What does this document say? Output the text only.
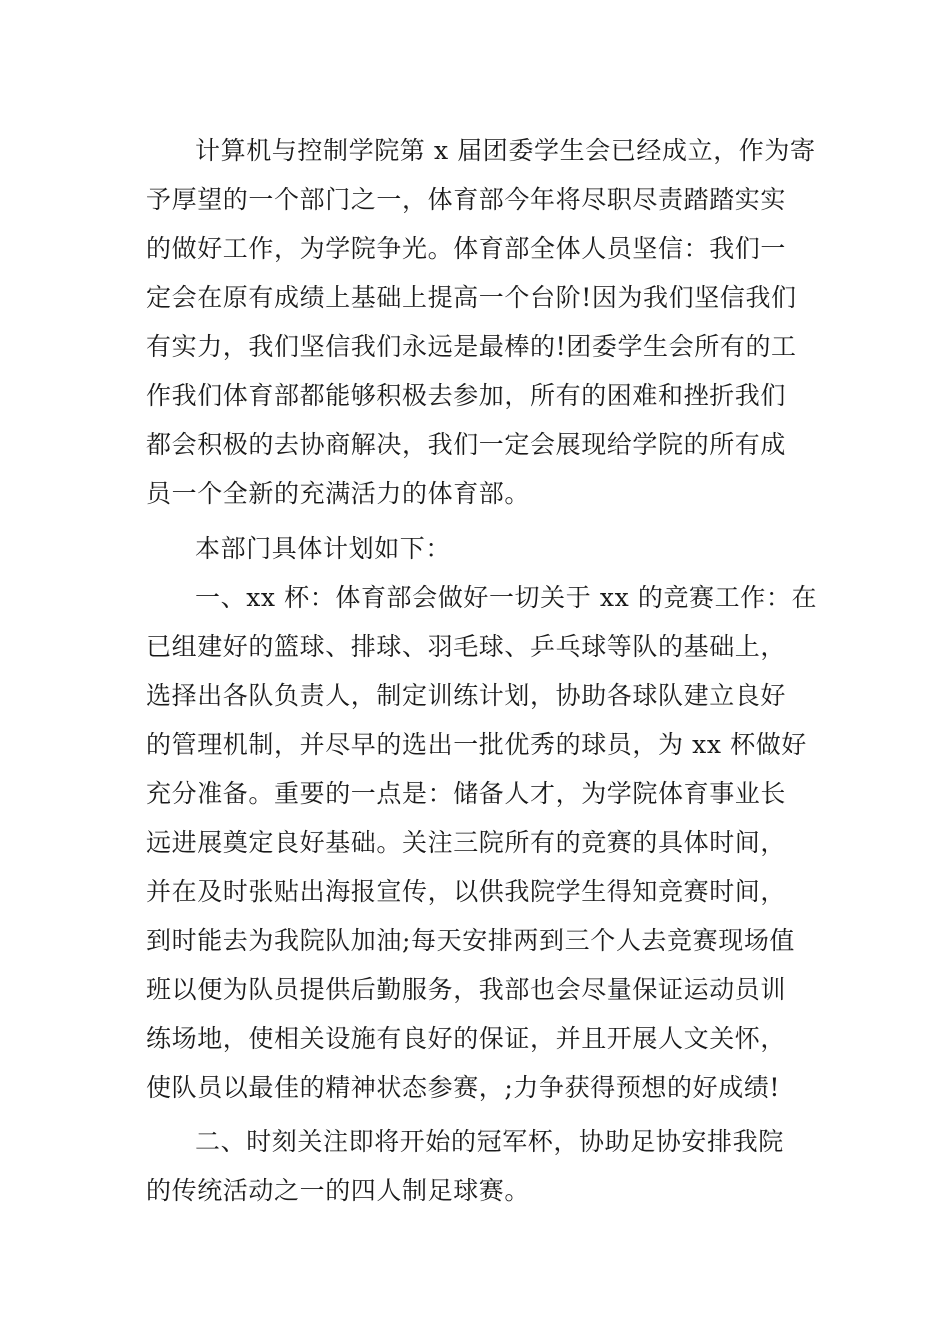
计算机与控制学院第 x 届团委学生会已经成立，作为寄
予厚望的一个部门之一，体育部今年将尽职尽责踏踏实实
的做好工作，为学院争光。体育部全体人员坚信：我们一
定会在原有成绩上基础上提高一个台阶!因为我们坚信我们
有实力，我们坚信我们永远是最棒的!团委学生会所有的工
作我们体育部都能够积极去参加，所有的困难和挫折我们
都会积极的去协商解决，我们一定会展现给学院的所有成
员一个全新的充满活力的体育部。
本部门具体计划如下：
一、xx 杯：体育部会做好一切关于 xx 的竞赛工作：在
已组建好的篮球、排球、羽毛球、乒乓球等队的基础上，
选择出各队负责人，制定训练计划，协助各球队建立良好
的管理机制，并尽早的选出一批优秀的球员，为 xx 杯做好
充分准备。重要的一点是：储备人才，为学院体育事业长
远进展奠定良好基础。关注三院所有的竞赛的具体时间，
并在及时张贴出海报宣传，以供我院学生得知竞赛时间，
到时能去为我院队加油;每天安排两到三个人去竞赛现场值
班以便为队员提供后勤服务，我部也会尽量保证运动员训
练场地，使相关设施有良好的保证，并且开展人文关怀，
使队员以最佳的精神状态参赛，;力争获得预想的好成绩!
二、时刻关注即将开始的冠军杯，协助足协安排我院
的传统活动之一的四人制足球赛。
